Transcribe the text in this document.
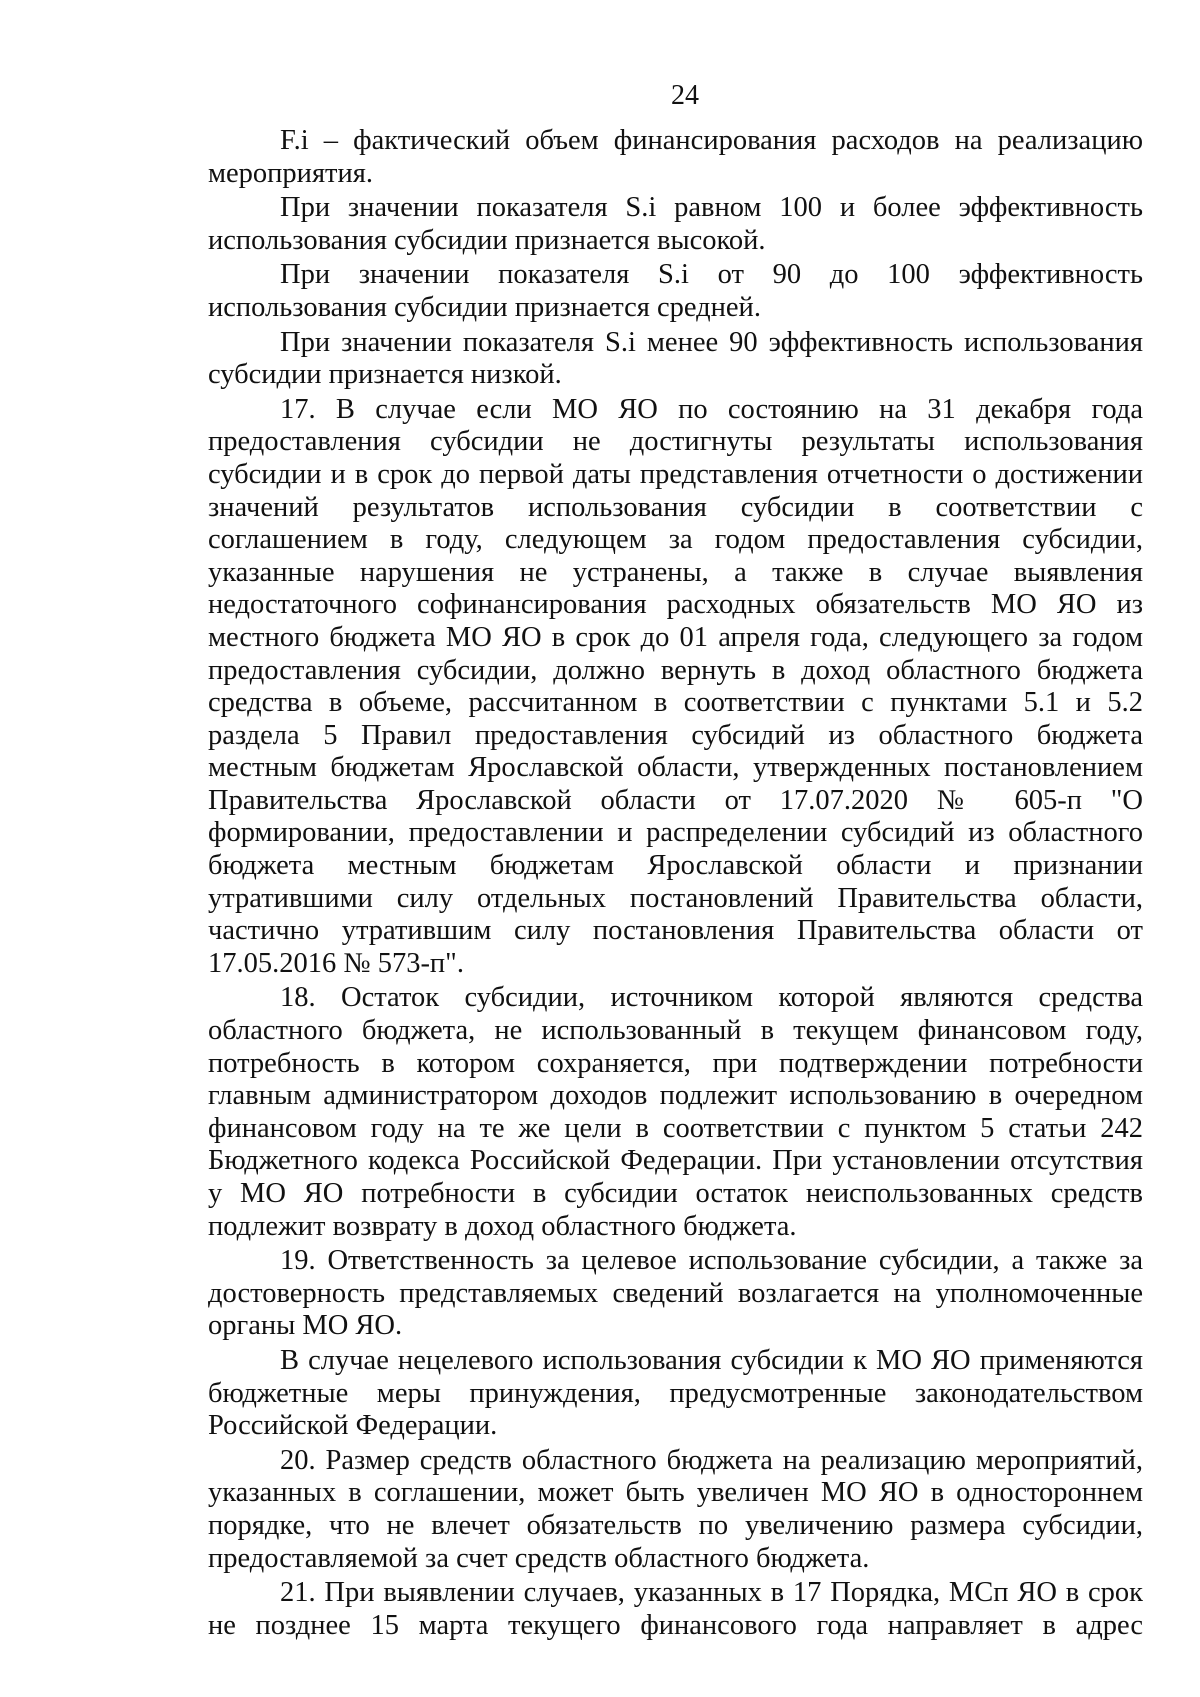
24

F.i – фактический объем финансирования расходов на реализацию мероприятия.

При значении показателя S.i равном 100 и более эффективность использования субсидии признается высокой.

При значении показателя S.i от 90 до 100 эффективность использования субсидии признается средней.

При значении показателя S.i менее 90 эффективность использования субсидии признается низкой.

17. В случае если МО ЯО по состоянию на 31 декабря года предоставления субсидии не достигнуты результаты использования субсидии и в срок до первой даты представления отчетности о достижении значений результатов использования субсидии в соответствии с соглашением в году, следующем за годом предоставления субсидии, указанные нарушения не устранены, а также в случае выявления недостаточного софинансирования расходных обязательств МО ЯО из местного бюджета МО ЯО в срок до 01 апреля года, следующего за годом предоставления субсидии, должно вернуть в доход областного бюджета средства в объеме, рассчитанном в соответствии с пунктами 5.1 и 5.2 раздела 5 Правил предоставления субсидий из областного бюджета местным бюджетам Ярославской области, утвержденных постановлением Правительства Ярославской области от 17.07.2020 № 605-п "О формировании, предоставлении и распределении субсидий из областного бюджета местным бюджетам Ярославской области и признании утратившими силу отдельных постановлений Правительства области, частично утратившим силу постановления Правительства области от 17.05.2016 № 573-п".

18. Остаток субсидии, источником которой являются средства областного бюджета, не использованный в текущем финансовом году, потребность в котором сохраняется, при подтверждении потребности главным администратором доходов подлежит использованию в очередном финансовом году на те же цели в соответствии с пунктом 5 статьи 242 Бюджетного кодекса Российской Федерации. При установлении отсутствия у МО ЯО потребности в субсидии остаток неиспользованных средств подлежит возврату в доход областного бюджета.

19. Ответственность за целевое использование субсидии, а также за достоверность представляемых сведений возлагается на уполномоченные органы МО ЯО.

В случае нецелевого использования субсидии к МО ЯО применяются бюджетные меры принуждения, предусмотренные законодательством Российской Федерации.

20. Размер средств областного бюджета на реализацию мероприятий, указанных в соглашении, может быть увеличен МО ЯО в одностороннем порядке, что не влечет обязательств по увеличению размера субсидии, предоставляемой за счет средств областного бюджета.

21. При выявлении случаев, указанных в 17 Порядка, МСп ЯО в срок не позднее 15 марта текущего финансового года направляет в адрес
